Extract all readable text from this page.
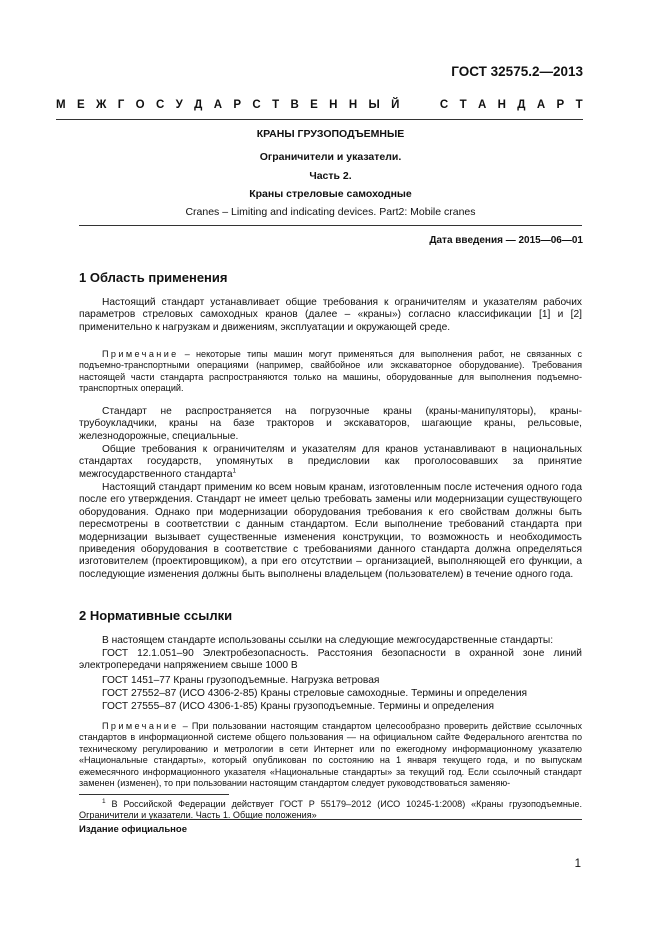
ГОСТ 32575.2—2013
М Е Ж Г О С У Д А Р С Т В Е Н Н Ы Й

	С Т А Н Д А Р Т
КРАНЫ ГРУЗОПОДЪЕМНЫЕ
Ограничители и указатели.
Часть 2.
Краны стреловые самоходные
Cranes – Limiting and indicating devices. Part2: Mobile cranes
Дата введения — 2015—06—01
1 Область применения
Настоящий стандарт устанавливает общие требования к ограничителям и указателям рабочих параметров стреловых самоходных кранов (далее – «краны») согласно классификации [1] и [2] применительно к нагрузкам и движениям, эксплуатации и окружающей среде.
Примечание – некоторые типы машин могут применяться для выполнения работ, не связанных с подъемно-транспортными операциями (например, свайбойное или экскаваторное оборудование). Требования настоящей части стандарта распространяются только на машины, оборудованные для выполнения подъемно-транспортных операций.
Стандарт не распространяется на погрузочные краны (краны-манипуляторы), краны-трубоукладчики, краны на базе тракторов и экскаваторов, шагающие краны, рельсовые, железнодорожные, специальные.
Общие требования к ограничителям и указателям для кранов устанавливают в национальных стандартах государств, упомянутых в предисловии как проголосовавших за принятие межгосударственного стандарта$^1$
Настоящий стандарт применим ко всем новым кранам, изготовленным после истечения одного года после его утверждения. Стандарт не имеет целью требовать замены или модернизации существующего оборудования. Однако при модернизации оборудования требования к его свойствам должны быть пересмотрены в соответствии с данным стандартом. Если выполнение требований стандарта при модернизации вызывает существенные изменения конструкции, то возможность и необходимость приведения оборудования в соответствие с требованиями данного стандарта должна определяться изготовителем (проектировщиком), а при его отсутствии – организацией, выполняющей его функции, а последующие изменения должны быть выполнены владельцем (пользователем) в течение одного года.
2 Нормативные ссылки
В настоящем стандарте использованы ссылки на следующие межгосударственные стандарты:
ГОСТ 12.1.051–90 Электробезопасность. Расстояния безопасности в охранной зоне линий электропередачи напряжением свыше 1000 В
ГОСТ 1451–77 Краны грузоподъемные. Нагрузка ветровая
ГОСТ 27552–87 (ИСО 4306-2-85) Краны стреловые самоходные. Термины и определения
ГОСТ 27555–87 (ИСО 4306-1-85) Краны грузоподъемные. Термины и определения
Примечание – При пользовании настоящим стандартом целесообразно проверить действие ссылочных стандартов в информационной системе общего пользования — на официальном сайте Федерального агентства по техническому регулированию и метрологии в сети Интернет или по ежегодному информационному указателю «Национальные стандарты», который опубликован по состоянию на 1 января текущего года, и по выпускам ежемесячного информационного указателя «Национальные стандарты» за текущий год. Если ссылочный стандарт заменен (изменен), то при пользовании настоящим стандартом следует руководствоваться заменяю-
$^1$ В Российской Федерации действует ГОСТ Р 55179–2012 (ИСО 10245-1:2008) «Краны грузоподъемные. Ограничители и указатели. Часть 1. Общие положения»
Издание официальное
1
